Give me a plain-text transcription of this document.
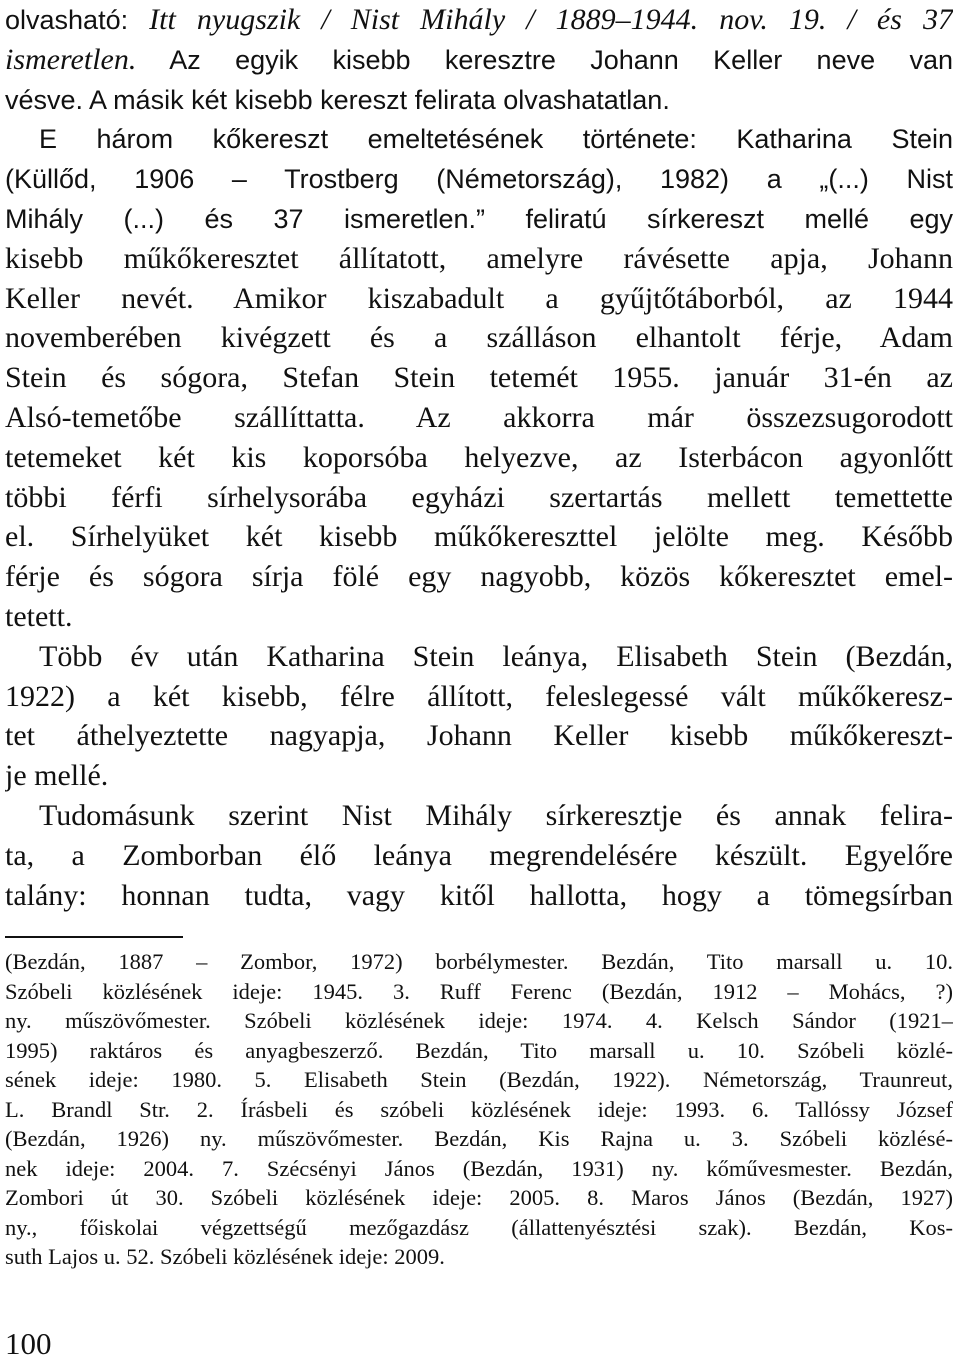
olvasható: Itt nyugszik / Nist Mihály / 1889–1944. nov. 19. / és 37
ismeretlen. Az egyik kisebb keresztre Johann Keller neve van
vésve. A másik két kisebb kereszt felirata olvashatatlan.
E három kőkereszt emeltetésének története: Katharina Stein
(Küllőd, 1906 – Trostberg (Németország), 1982) a „(...) Nist
Mihály (...) és 37 ismeretlen.” feliratú sírkereszt mellé egy
kisebb műkőkeresztet állítatott, amelyre rávésette apja, Johann
Keller nevét. Amikor kiszabadult a gyűjtőtáborból, az 1944
novemberében kivégzett és a szálláson elhantolt férje, Adam
Stein és sógora, Stefan Stein tetemét 1955. január 31-én az
Alsó-temetőbe szállíttatta. Az akkorra már összezsugorodott
tetemeket két kis koporsóba helyezve, az Isterbácon agyonlőtt
többi férfi sírhelysorába egyházi szertartás mellett temettette
el. Sírhelyüket két kisebb műkőkereszttel jelölte meg. Később
férje és sógora sírja fölé egy nagyobb, közös kőkeresztet emel-
tetett.
Több év után Katharina Stein leánya, Elisabeth Stein (Bezdán,
1922) a két kisebb, félre állított, feleslegessé vált műkőkeresz-
tet áthelyeztette nagyapja, Johann Keller kisebb műkőkereszt-
je mellé.
Tudomásunk szerint Nist Mihály sírkeresztje és annak felira-
ta, a Zomborban élő leánya megrendelésére készült. Egyelőre
talány: honnan tudta, vagy kitől hallotta, hogy a tömegsírban
(Bezdán, 1887 – Zombor, 1972) borbélymester. Bezdán, Tito marsall u. 10.
Szóbeli közlésének ideje: 1945. 3. Ruff Ferenc (Bezdán, 1912 – Mohács, ?)
ny. műszövőmester. Szóbeli közlésének ideje: 1974. 4. Kelsch Sándor (1921–
1995) raktáros és anyagbeszerző. Bezdán, Tito marsall u. 10. Szóbeli közlé-
sének ideje: 1980. 5. Elisabeth Stein (Bezdán, 1922). Németország, Traunreut,
L. Brandl Str. 2. Írásbeli és szóbeli közlésének ideje: 1993. 6. Tallóssy József
(Bezdán, 1926) ny. műszövőmester. Bezdán, Kis Rajna u. 3. Szóbeli közlésé-
nek ideje: 2004. 7. Szécsényi János (Bezdán, 1931) ny. kőművesmester. Bezdán,
Zombori út 30. Szóbeli közlésének ideje: 2005. 8. Maros János (Bezdán, 1927)
ny., főiskolai végzettségű mezőgazdász (állattenyésztési szak). Bezdán, Kos-
suth Lajos u. 52. Szóbeli közlésének ideje: 2009.
100
